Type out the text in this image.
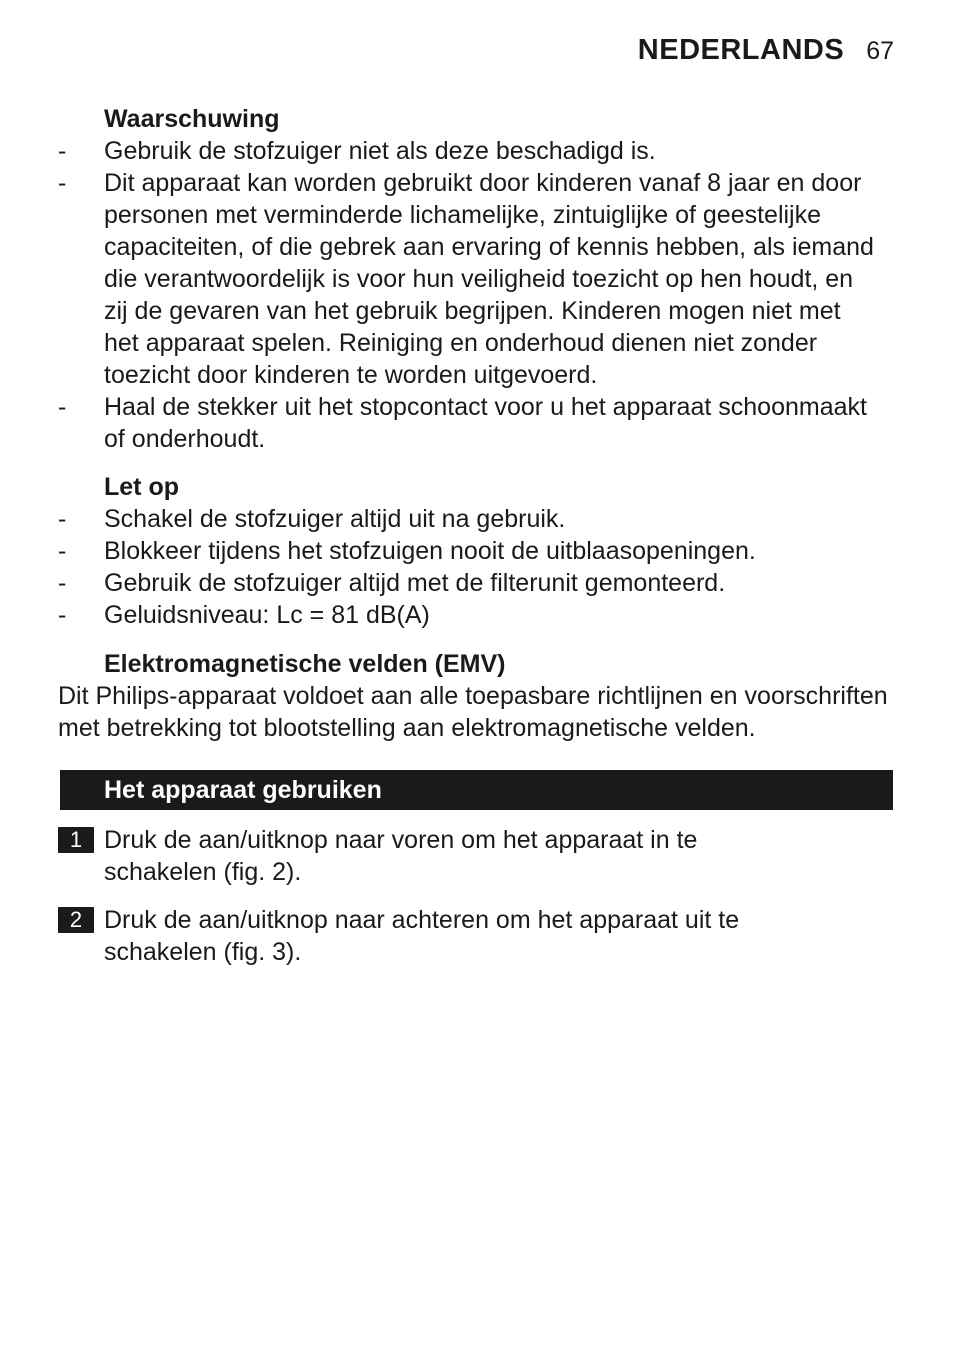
NEDERLANDS 67
Waarschuwing
-	Gebruik de stofzuiger niet als deze beschadigd is.
-	Dit apparaat kan worden gebruikt door kinderen vanaf 8 jaar en door
personen met verminderde lichamelijke, zintuiglijke of geestelijke
capaciteiten, of die gebrek aan ervaring of kennis hebben, als iemand
die verantwoordelijk is voor hun veiligheid toezicht op hen houdt, en
zij de gevaren van het gebruik begrijpen. Kinderen mogen niet met
het apparaat spelen. Reiniging en onderhoud dienen niet zonder
toezicht door kinderen te worden uitgevoerd.
-	Haal de stekker uit het stopcontact voor u het apparaat schoonmaakt
of onderhoudt.
Let op
-	Schakel de stofzuiger altijd uit na gebruik.
-	Blokkeer tijdens het stofzuigen nooit de uitblaasopeningen.
-	Gebruik de stofzuiger altijd met de filterunit gemonteerd.
-	Geluidsniveau: Lc = 81 dB(A)
Elektromagnetische velden (EMV)
Dit Philips-apparaat voldoet aan alle toepasbare richtlijnen en voorschriften
met betrekking tot blootstelling aan elektromagnetische velden.
Het apparaat gebruiken
1 Druk de aan/uitknop naar voren om het apparaat in te
schakelen (fig. 2).
2 Druk de aan/uitknop naar achteren om het apparaat uit te
schakelen (fig. 3).
